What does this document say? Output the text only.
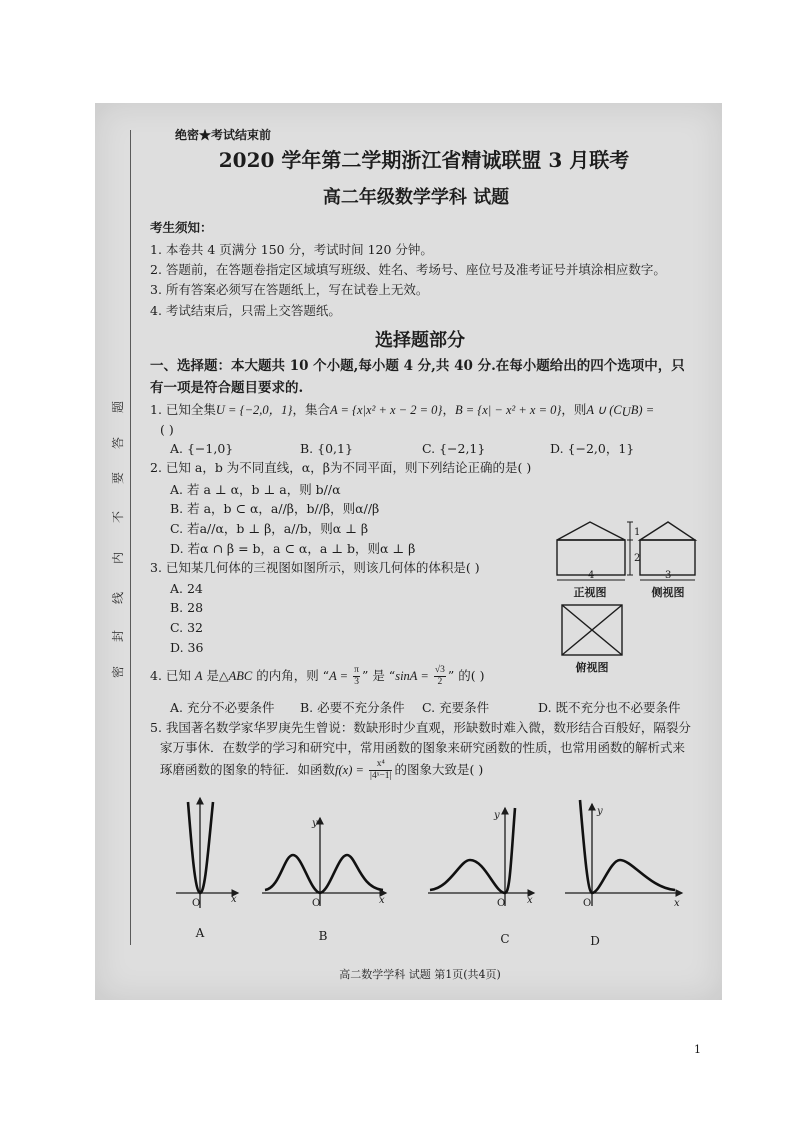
题
答
要
不
内
线
封
密
绝密★考试结束前
2020 学年第二学期浙江省精诚联盟 3 月联考
高二年级数学学科 试题
考生须知：
1. 本卷共 4 页满分 150 分，考试时间 120 分钟。
2. 答题前，在答题卷指定区域填写班级、姓名、考场号、座位号及准考证号并填涂相应数字。
3. 所有答案必须写在答题纸上，写在试卷上无效。
4. 考试结束后，只需上交答题纸。
选择题部分
一、选择题：本大题共 10 个小题,每小题 4 分,共 40 分.在每小题给出的四个选项中，只
有一项是符合题目要求的.
1. 已知全集U = {−2,0，1}，集合A = {x|x² + x − 2 = 0}，B = {x| − x² + x = 0}，则A ∪ $(C_UB)$ =
( )
A. {−1,0}	B. {0,1}	C. {−2,1}	D. {−2,0，1}
2. 已知 a，b 为不同直线，α，β为不同平面，则下列结论正确的是( )
A. 若 a ⊥ α，b ⊥ a，则 b//α
B. 若 a，b ⊂ α，a//β，b//β，则α//β
C. 若a//α，b ⊥ β，a//b，则α ⊥ β
D. 若α ∩ β = b，a ⊂ α，a ⊥ b，则α ⊥ β
3. 已知某几何体的三视图如图所示，则该几何体的体积是( )
A. 24
B. 28
C. 32
D. 36
1
2
4	3
正视图	侧视图
俯视图
4. 已知 A 是△ABC 的内角，则 “$A = \frac{\pi}{3}$ ” 是 “$\sin A = \frac{√3}{2}$ ” 的( )
A. 充分不必要条件 B. 必要不充分条件 C. 充要条件	D. 既不充分也不必要条件
5. 我国著名数学家华罗庚先生曾说：数缺形时少直观，形缺数时难入微，数形结合百般好，隔裂分
家万事休．在数学的学习和研究中，常用函数的图象来研究函数的性质，也常用函数的解析式来
琢磨函数的图象的特征．如函数$f(x) = \frac{\text{x⁴}}{\text{|4ˣ−1|}}$ 的图象大致是( )
O	x
A
y
O	x
B
y
O x
C
y
O	x
D
高二数学学科 试题 第1页(共4页)
1
